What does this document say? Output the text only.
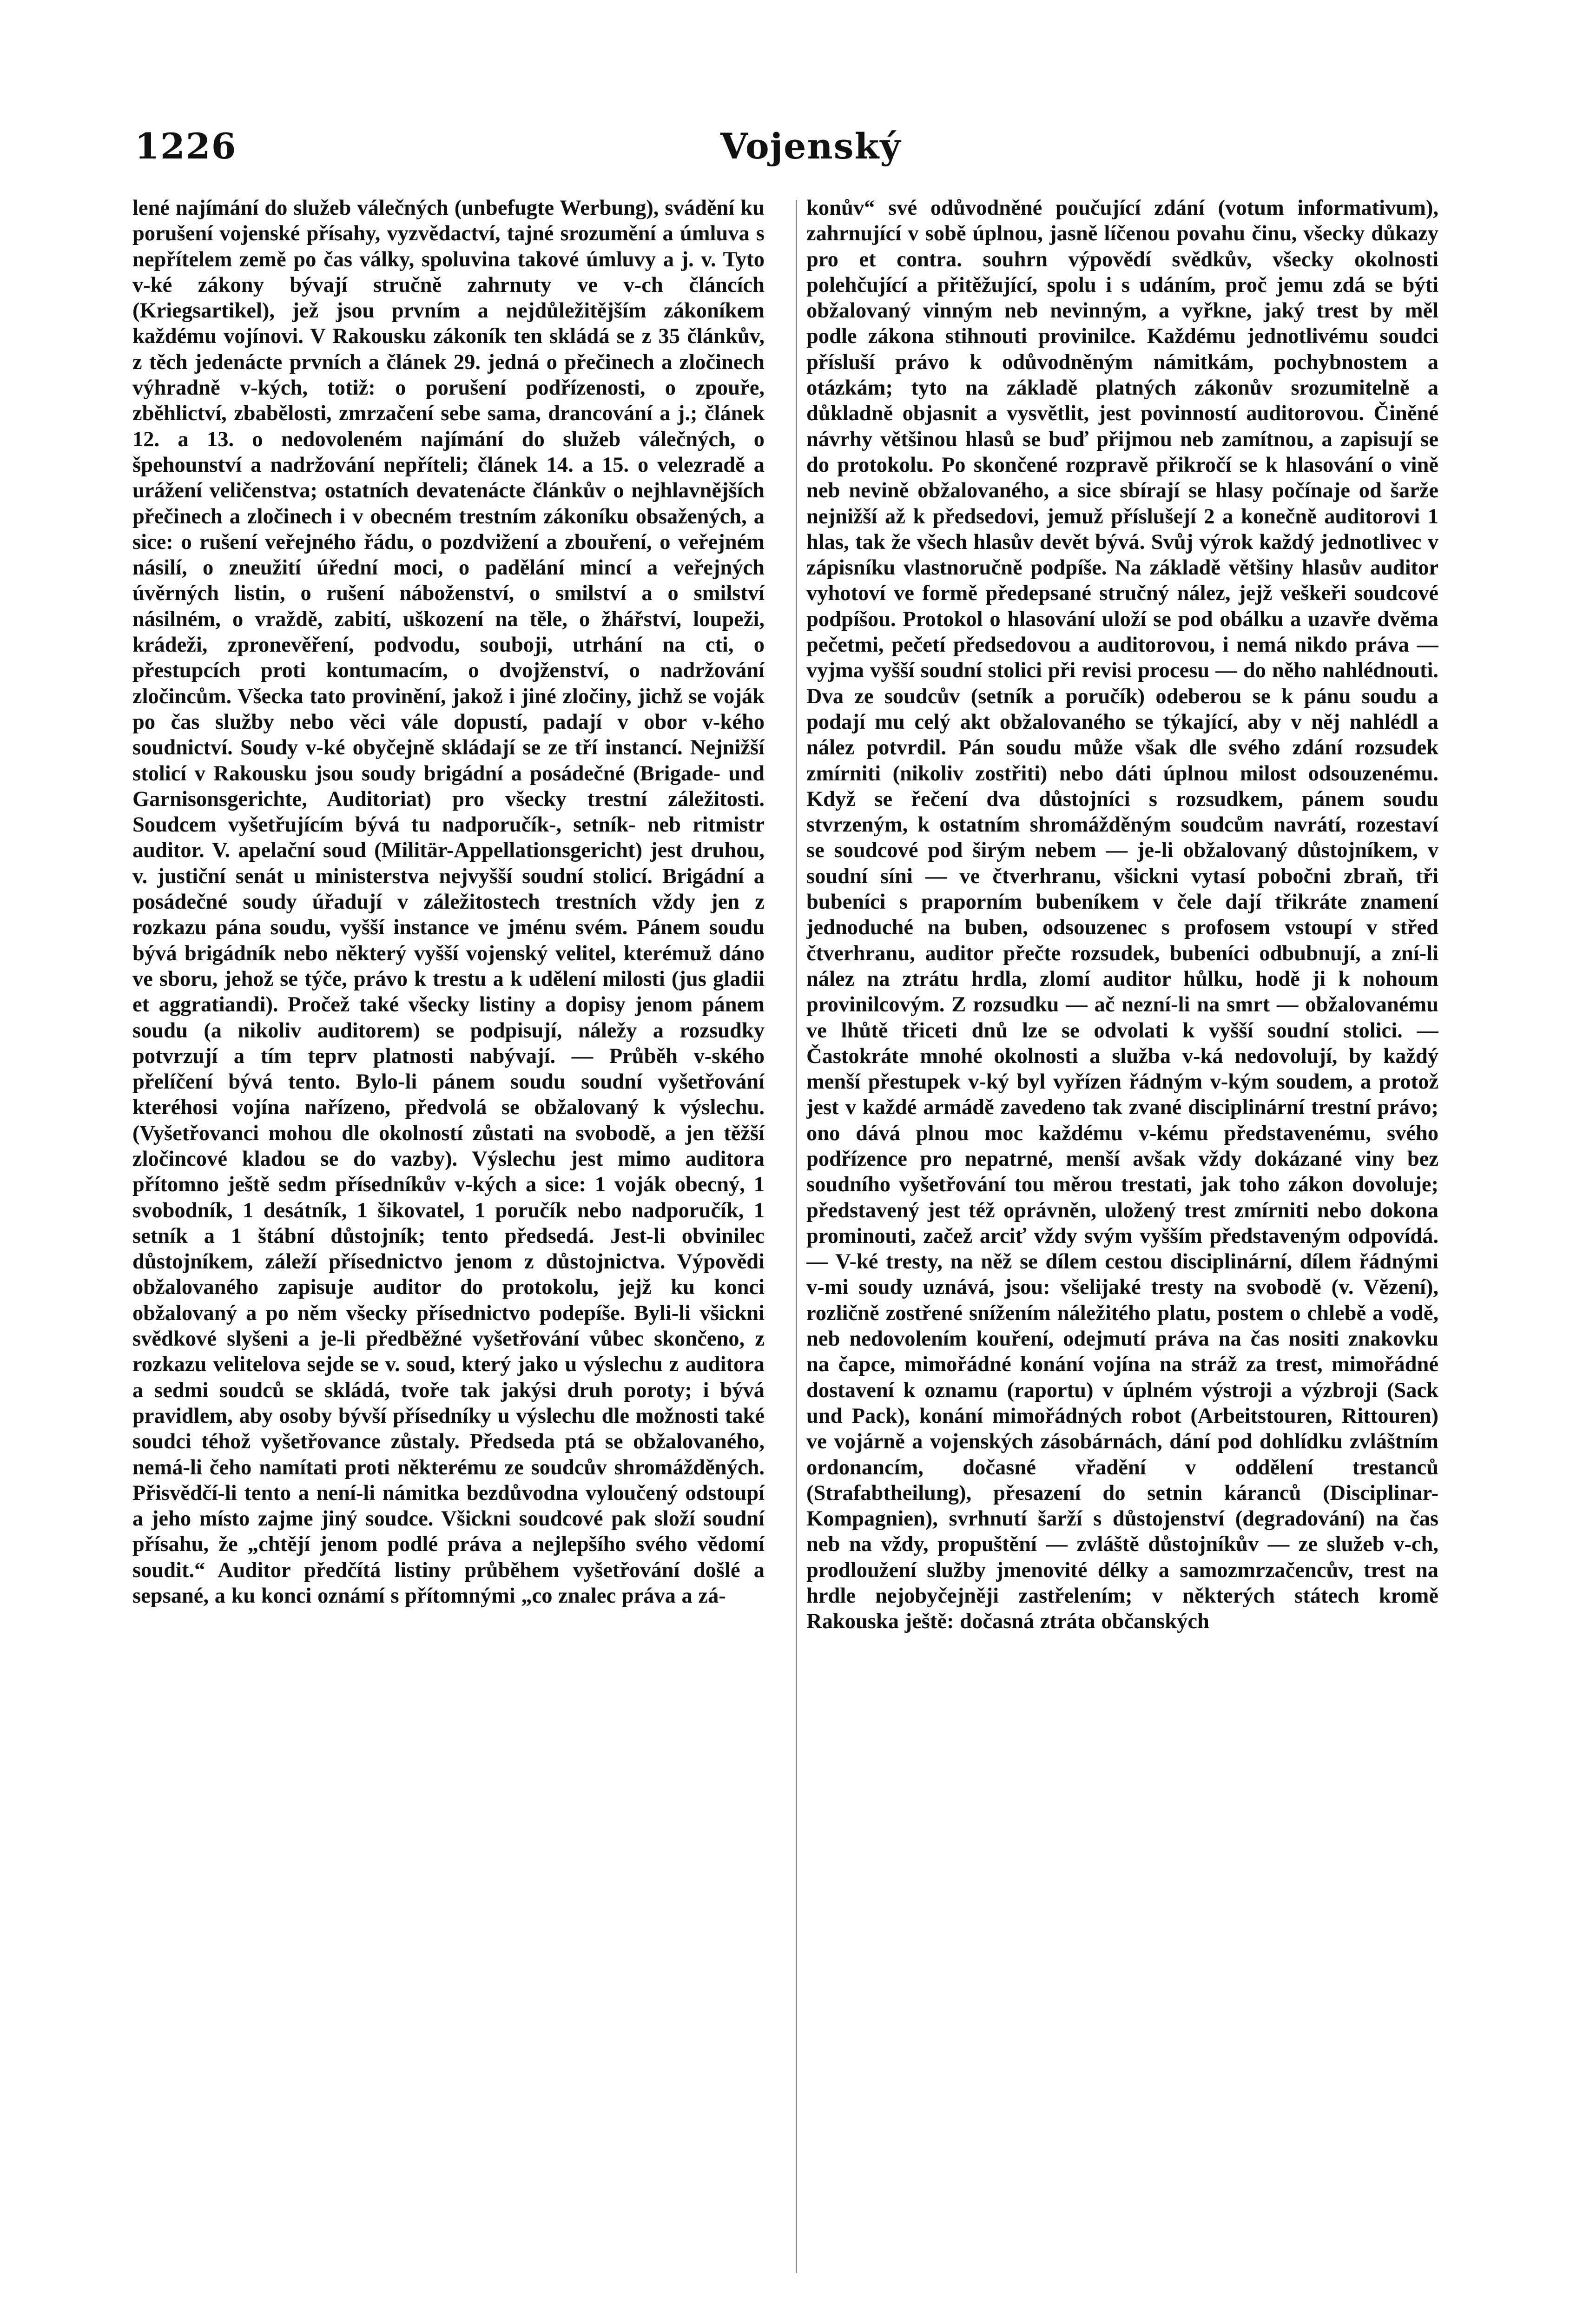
1226	Vojenský

lené najímání do služeb válečných (unbefugte Werbung), svádění ku porušení vojenské přísahy, vyzvědactví, tajné srozumění a úmluva s nepřítelem země po čas války, spoluvina takové úmluvy a j. v. Tyto v-ké zákony bývají stručně zahrnuty ve v-ch článcích (Kriegsartikel), jež jsou prvním a nejdůležitějším zákoníkem každému vojínovi. V Rakousku zákoník ten skládá se z 35 článkův, z těch jedenácte prvních a článek 29. jedná o přečinech a zločinech výhradně v-kých, totiž: o porušení podřízenosti, o zpouře, zběhlictví, zbabělosti, zmrzačení sebe sama, drancování a j.; článek 12. a 13. o nedovoleném najímání do služeb válečných, o špehounství a nadržování nepříteli; článek 14. a 15. o velezradě a urážení veličenstva; ostatních devatenácte článkův o nejhlavnějších přečinech a zločinech i v obecném trestním zákoníku obsažených, a sice: o rušení veřejného řádu, o pozdvižení a zbouření, o veřejném násilí, o zneužití úřední moci, o padělání mincí a veřejných úvěrných listin, o rušení náboženství, o smilství a o smilství násilném, o vraždě, zabití, uškození na těle, o žhářství, loupeži, krádeži, zpronevěření, podvodu, souboji, utrhání na cti, o přestupcích proti kontumacím, o dvojženství, o nadržování zločincům. Všecka tato provinění, jakož i jiné zločiny, jichž se voják po čas služby nebo věci vále dopustí, padají v obor v-kého soudnictví. Soudy v-ké obyčejně skládají se ze tří instancí. Nejnižší stolicí v Rakousku jsou soudy brigádní a posádečné (Brigade- und Garnisonsgerichte, Auditoriat) pro všecky trestní záležitosti. Soudcem vyšetřujícím bývá tu nadporučík-, setník- neb ritmistr auditor. V. apelační soud (Militär-Appellationsgericht) jest druhou, v. justiční senát u ministerstva nejvyšší soudní stolicí. Brigádní a posádečné soudy úřadují v záležitostech trestních vždy jen z rozkazu pána soudu, vyšší instance ve jménu svém. Pánem soudu bývá brigádník nebo některý vyšší vojenský velitel, kterémuž dáno ve sboru, jehož se týče, právo k trestu a k udělení milosti (jus gladii et aggratiandi). Pročež také všecky listiny a dopisy jenom pánem soudu (a nikoliv auditorem) se podpisují, náležy a rozsudky potvrzují a tím teprv platnosti nabývají. — Průběh v-ského přelíčení bývá tento. Bylo-li pánem soudu soudní vyšetřování kteréhosi vojína nařízeno, předvolá se obžalovaný k výslechu. (Vyšetřovanci mohou dle okolností zůstati na svobodě, a jen těžší zločincové kladou se do vazby). Výslechu jest mimo auditora přítomno ještě sedm přísedníkův v-kých a sice: 1 voják obecný, 1 svobodník, 1 desátník, 1 šikovatel, 1 poručík nebo nadporučík, 1 setník a 1 štábní důstojník; tento předsedá. Jest-li obvinilec důstojníkem, záleží přísednictvo jenom z důstojnictva. Výpovědi obžalovaného zapisuje auditor do protokolu, jejž ku konci obžalovaný a po něm všecky přísednictvo podepíše. Byli-li všickni svědkové slyšeni a je-li předběžné vyšetřování vůbec skončeno, z rozkazu velitelova sejde se v. soud, který jako u výslechu z auditora a sedmi soudců se skládá, tvoře tak jakýsi druh poroty; i bývá pravidlem, aby osoby bývší přísedníky u výslechu dle možnosti také soudci téhož vyšetřovance zůstaly. Předseda ptá se obžalovaného, nemá-li čeho namítati proti některému ze soudcův shromážděných. Přisvědčí-li tento a není-li námitka bezdůvodna vyloučený odstoupí a jeho místo zajme jiný soudce. Všickni soudcové pak složí soudní přísahu, že „chtějí jenom podlé práva a nejlepšího svého vědomí soudit.“ Auditor předčítá listiny průběhem vyšetřování došlé a sepsané, a ku konci oznámí s přítomnými „co znalec práva a zá-

konův“ své odůvodněné poučující zdání (votum informativum), zahrnující v sobě úplnou, jasně líčenou povahu činu, všecky důkazy pro et contra. souhrn výpovědí svědkův, všecky okolnosti polehčující a přitěžující, spolu i s udáním, proč jemu zdá se býti obžalovaný vinným neb nevinným, a vyřkne, jaký trest by měl podle zákona stihnouti provinilce. Každému jednotlivému soudci přísluší právo k odůvodněným námitkám, pochybnostem a otázkám; tyto na základě platných zákonův srozumitelně a důkladně objasnit a vysvětlit, jest povinností auditorovou. Činěné návrhy většinou hlasů se buď přijmou neb zamítnou, a zapisují se do protokolu. Po skončené rozpravě přikročí se k hlasování o vině neb nevině obžalovaného, a sice sbírají se hlasy počínaje od šarže nejnižší až k předsedovi, jemuž příslušejí 2 a konečně auditorovi 1 hlas, tak že všech hlasův devět bývá. Svůj výrok každý jednotlivec v zápisníku vlastnoručně podpíše. Na základě většiny hlasův auditor vyhotoví ve formě předepsané stručný nález, jejž veškeři soudcové podpíšou. Protokol o hlasování uloží se pod obálku a uzavře dvěma pečetmi, pečetí předsedovou a auditorovou, i nemá nikdo práva — vyjma vyšší soudní stolici při revisi procesu — do něho nahlédnouti. Dva ze soudcův (setník a poručík) odeberou se k pánu soudu a podají mu celý akt obžalovaného se týkající, aby v něj nahlédl a nález potvrdil. Pán soudu může však dle svého zdání rozsudek zmírniti (nikoliv zostřiti) nebo dáti úplnou milost odsouzenému. Když se řečení dva důstojníci s rozsudkem, pánem soudu stvrzeným, k ostatním shromážděným soudcům navrátí, rozestaví se soudcové pod širým nebem — je-li obžalovaný důstojníkem, v soudní síni — ve čtverhranu, všickni vytasí pobočni zbraň, tři bubeníci s praporním bubeníkem v čele dají třikráte znamení jednoduché na buben, odsouzenec s profosem vstoupí v střed čtverhranu, auditor přečte rozsudek, bubeníci odbubnují, a zní-li nález na ztrátu hrdla, zlomí auditor hůlku, hodě ji k nohoum provinilcovým. Z rozsudku — ač nezní-li na smrt — obžalovanému ve lhůtě třiceti dnů lze se odvolati k vyšší soudní stolici. — Častokráte mnohé okolnosti a služba v-ká nedovolují, by každý menší přestupek v-ký byl vyřízen řádným v-kým soudem, a protož jest v každé armádě zavedeno tak zvané disciplinární trestní právo; ono dává plnou moc každému v-kému představenému, svého podřízence pro nepatrné, menší avšak vždy dokázané viny bez soudního vyšetřování tou měrou trestati, jak toho zákon dovoluje; představený jest též oprávněn, uložený trest zmírniti nebo dokona prominouti, začež arciť vždy svým vyšším představeným odpovídá. — V-ké tresty, na něž se dílem cestou disciplinární, dílem řádnými v-mi soudy uznává, jsou: všelijaké tresty na svobodě (v. Vězení), rozličně zostřené snížením náležitého platu, postem o chlebě a vodě, neb nedovolením kouření, odejmutí práva na čas nositi znakovku na čapce, mimořádné konání vojína na stráž za trest, mimořádné dostavení k oznamu (raportu) v úplném výstroji a výzbroji (Sack und Pack), konání mimořádných robot (Arbeitstouren, Rittouren) ve vojárně a vojenských zásobárnách, dání pod dohlídku zvláštním ordonancím, dočasné vřadění v oddělení trestanců (Strafabtheilung), přesazení do setnin káranců (Disciplinar-Kompagnien), svrhnutí šarží s důstojenství (degradování) na čas neb na vždy, propuštění — zvláště důstojníkův — ze služeb v-ch, prodloužení služby jmenovité délky a samozmrzačencův, trest na hrdle nejobyčejněji zastřelením; v některých státech kromě Rakouska ještě: dočasná ztráta občanských
